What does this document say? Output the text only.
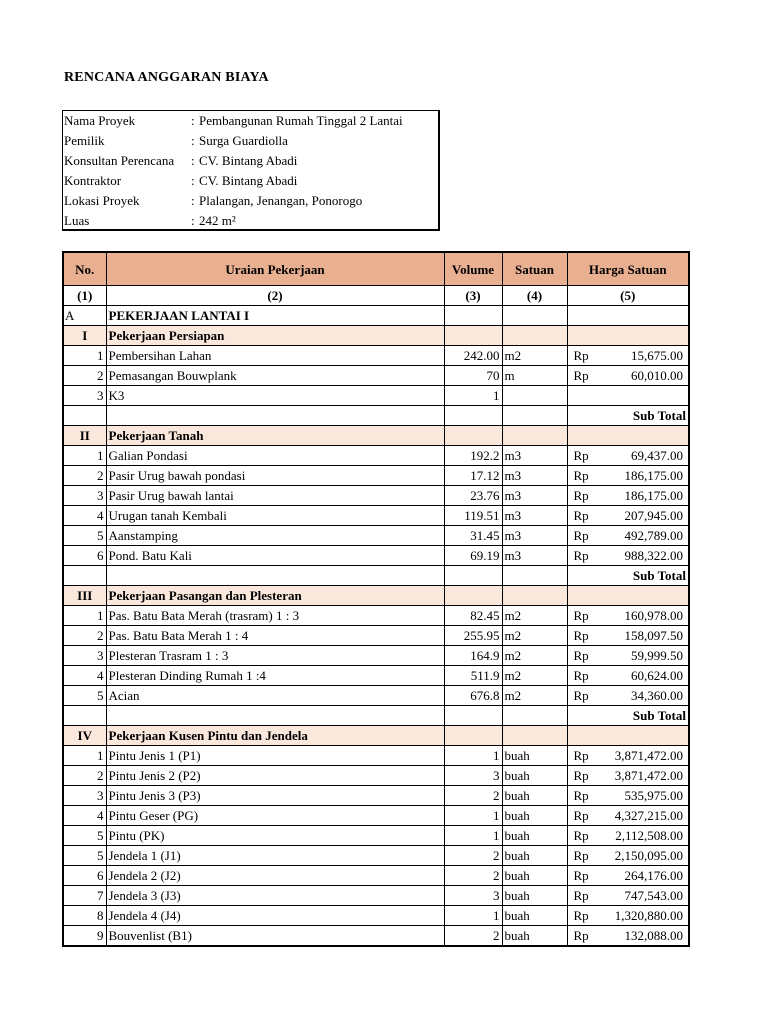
RENCANA ANGGARAN BIAYA
Nama Proyek	: Pembangunan Rumah Tinggal 2 Lantai
Pemilik	: Surga Guardiolla
Konsultan Perencana	: CV. Bintang Abadi
Kontraktor	: CV. Bintang Abadi
Lokasi Proyek	: Plalangan, Jenangan, Ponorogo
Luas	: 242 m²
No.	Uraian Pekerjaan	Volume	Satuan	Harga Satuan
(1)	(2)	(3)	(4)	(5)
A	PEKERJAAN LANTAI I			
I	Pekerjaan Persiapan			
1	Pembersihan Lahan	242.00	m2	Rp 15,675.00

2	Pemasangan Bouwplank	70	m	Rp 60,010.00

3	K3	1		
				Sub Total
II	Pekerjaan Tanah			
1	Galian Pondasi	192.2	m3	Rp 69,437.00

2	Pasir Urug bawah pondasi	17.12	m3	Rp 186,175.00

3	Pasir Urug bawah lantai	23.76	m3	Rp 186,175.00

4	Urugan tanah Kembali	119.51	m3	Rp 207,945.00

5	Aanstamping	31.45	m3	Rp 492,789.00

6	Pond. Batu Kali	69.19	m3	Rp 988,322.00

				Sub Total
III	Pekerjaan Pasangan dan Plesteran			
1	Pas. Batu Bata Merah (trasram) 1 : 3	82.45	m2	Rp 160,978.00

2	Pas. Batu Bata Merah 1 : 4	255.95	m2	Rp 158,097.50

3	Plesteran Trasram 1 : 3	164.9	m2	Rp 59,999.50

4	Plesteran Dinding Rumah 1 :4	511.9	m2	Rp 60,624.00

5	Acian	676.8	m2	Rp 34,360.00

				Sub Total
IV	Pekerjaan Kusen Pintu dan Jendela			
1	Pintu Jenis 1 (P1)	1	buah	Rp 3,871,472.00

2	Pintu Jenis 2 (P2)	3	buah	Rp 3,871,472.00

3	Pintu Jenis 3 (P3)	2	buah	Rp 535,975.00

4	Pintu Geser (PG)	1	buah	Rp 4,327,215.00

5	Pintu (PK)	1	buah	Rp 2,112,508.00

5	Jendela 1 (J1)	2	buah	Rp 2,150,095.00

6	Jendela 2 (J2)	2	buah	Rp 264,176.00

7	Jendela 3 (J3)	3	buah	Rp 747,543.00

8	Jendela 4 (J4)	1	buah	Rp 1,320,880.00

9	Bouvenlist (B1)	2	buah	Rp 132,088.00
